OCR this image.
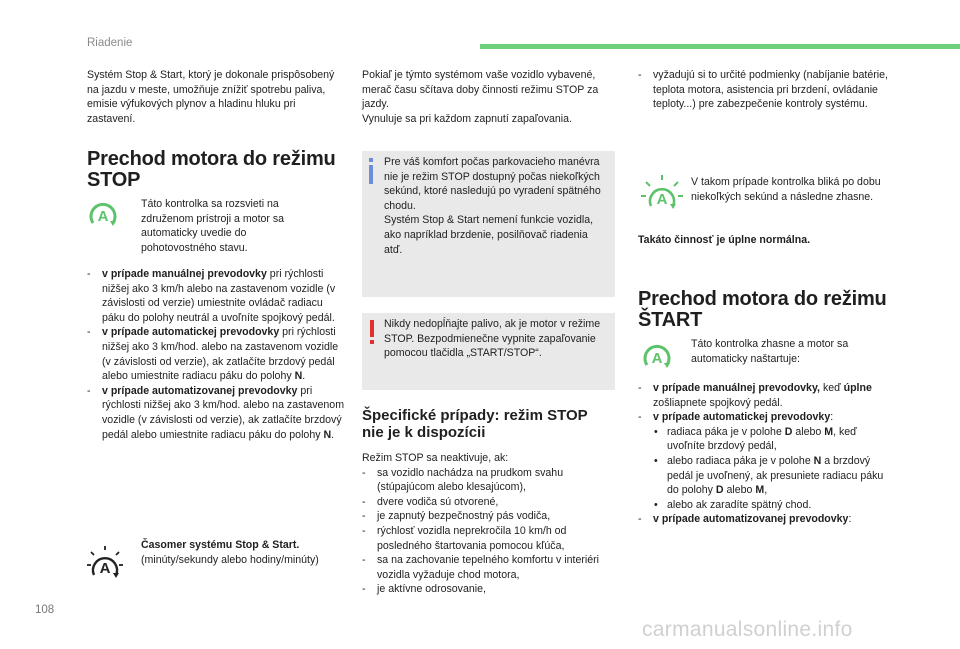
Riadenie
Systém Stop & Start, ktorý je dokonale prispôsobený na jazdu v meste, umožňuje znížiť spotrebu paliva, emisie výfukových plynov a hladinu hluku pri zastavení.
Prechod motora do režimu STOP
A
Táto kontrolka sa rozsvieti na združenom prístroji a motor sa automaticky uvedie do pohotovostného stavu.
- v prípade manuálnej prevodovky pri rýchlosti nižšej ako 3 km/h alebo na zastavenom vozidle (v závislosti od verzie) umiestnite ovládač radiacu páku do polohy neutrál a uvoľníte spojkový pedál.
- v prípade automatickej prevodovky pri rýchlosti nižšej ako 3 km/hod. alebo na zastavenom vozidle (v závislosti od verzie), ak zatlačíte brzdový pedál alebo umiestnite radiacu páku do polohy N.
- v prípade automatizovanej prevodovky pri rýchlosti nižšej ako 3 km/hod. alebo na zastavenom vozidle (v závislosti od verzie), ak zatlačíte brzdový pedál alebo umiestnite radiacu páku do polohy N.
A
Časomer systému Stop & Start.
(minúty/sekundy alebo hodiny/minúty)
Pokiaľ je týmto systémom vaše vozidlo vybavené, merač času sčítava doby činnosti režimu STOP za jazdy.
Vynuluje sa pri každom zapnutí zapaľovania.
Pre váš komfort počas parkovacieho manévra nie je režim STOP dostupný počas niekoľkých sekúnd, ktoré nasledujú po vyradení spätného chodu.
Systém Stop & Start nemení funkcie vozidla, ako napríklad brzdenie, posilňovač riadenia atď.
Nikdy nedopĺňajte palivo, ak je motor v režime STOP. Bezpodmienečne vypnite zapaľovanie pomocou tlačidla „START/STOP“.
Špecifické prípady: režim STOP nie je k dispozícii
Režim STOP sa neaktivuje, ak:
- sa vozidlo nachádza na prudkom svahu (stúpajúcom alebo klesajúcom),
- dvere vodiča sú otvorené,
- je zapnutý bezpečnostný pás vodiča,
- rýchlosť vozidla neprekročila 10 km/h od posledného štartovania pomocou kľúča,
- sa na zachovanie tepelného komfortu v interiéri vozidla vyžaduje chod motora,
- je aktívne odrosovanie,
- vyžadujú si to určité podmienky (nabíjanie batérie, teplota motora, asistencia pri brzdení, ovládanie teploty...) pre zabezpečenie kontroly systému.
A
V takom prípade kontrolka bliká po dobu niekoľkých sekúnd a následne zhasne.
Takáto činnosť je úplne normálna.
Prechod motora do režimu ŠTART
A
Táto kontrolka zhasne a motor sa automaticky naštartuje:
- v prípade manuálnej prevodovky, keď úplne zošliapnete spojkový pedál.
- v prípade automatickej prevodovky:
• radiaca páka je v polohe D alebo M, keď uvoľníte brzdový pedál,
• alebo radiaca páka je v polohe N a brzdový pedál je uvoľnený, ak presuniete radiacu páku do polohy D alebo M,
• alebo ak zaradíte spätný chod.
- v prípade automatizovanej prevodovky:
108
carmanualsonline.info
